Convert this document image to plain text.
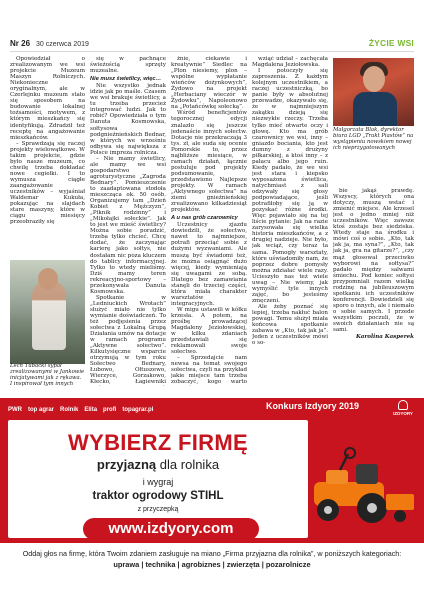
Nr 26 30 czerwca 2019	ŻYCIE WSI

Opowiedział o zrealizowanym we wsi projekcie Muzeum Maszyn Rolniczych. Niekonieczne oryginalnym, ale w Czerlejnku muzeum stało się sposobem na budowanie lokalnej tożsamości, motywem, z którym mieszkańcy się identyfikują. Zdradził też receptę na angażowanie mieszkańców.

– Sprawdzają się raczej projekty wielowątkowe. W takim projekcie, gdzie było nasze muzeum, co chwilę trzeba dokładać nowe cegiełki. I to wymusza ciągłe zaangażowanie uczestników – wyjaśniał Waldemar Kukuła, pokazując na slajdach stare maszyny, które w ciągu miesięcy przeobraziły się

się w pachnące świeżością sprzęty muzealne.

Nie musz świetlicy, więc…

Nie wszystko jednak idzie jak po maśle. Czasem we wsi brakuje świetlicy, a tu trzeba przecież integrować ludzi. Jak to robić? Opowiedziała o tym Danuta Kosmowska, sołtysowa podgnieźnieńskich Bednar, w których we wrześniu odbywa się największa z Polsce impreza rolnicza.

– Nie mamy świetlicy, ale mamy we wsi gospodarstwo agroturystyczne „Zagroda Bednary”. Pomieszczenie to zaadaptowana stodoła mieszcząca ok. 50 osób. Organizujemy tam „Dzień Kobiet z Męźczyzn”, „Piknik rodzinny” i „Mikołajki sołeckie”. Jak to jest we mieść świetlicy? Można sobie poradzić, trzeba tylko chcieć. Chcę dodać, że zaczynając karierę jako sołtys, nie dostałam nic poza kluczem do tablicy informacyjnej. Tylko to wtedy mieliśmy. Dziś mamy teren rekreacyjno-sportowy – przekonywała Danuta Kosmowska.

Spotkanie w „Ledniuckich Wrotach” służyć miało nie tylko wymianie doświadczeń. To też podjęsienia przez sołectwa z Lokalną Grupą Działania umów na dotacje w ramach programu „Aktywne sołectwo”. Kilkutysięczne wsparcie otrzymują w tym roku Sołectwo Bednary, Łubowo, Ołtuszewo, Wierzyce, Gorzakowo, Kłecko, Łagiewniki

żnie, ciekawie i kreatywnie” Siedlec na „Plon niesiemy, plon – wspólne wypłatanie wieńców dożynkowych”, Żydowo na projekt „Herbaciany wieczór w Żydowku”, Napoleonowo na „Potańcówkę sołecką”.

Wśród beneficjentów tegorocznej edycji znalazło się jeszcze jedenaście innych sołectw. Dotacje nie przekraczają 3 tys. zł, ale suda się ocenie Pomorskie to, przez najbliższe miesiące, w ramach działań, łącznie postuluje pod projekty podsumowanie, przedstawiono Najlepsze projekty. W ramach „Aktywnego sołectwa” na ziemi gnieźnieńskiej zrealizowano kilkadziesiąt projektów.

A u nas grób czarownicy

Uczestnicy zjazdu dowiedzili, że sołectwo, nawet to najmniejsze, potrafi przeciąć sobie z dużymi wyzwaniami. Ale muszą być świadomi też, że można osiągnąć dużo więcej, kiedy wymieniają się uwagami ze sobą. Dlatego bez zamawiania stanęli do trzeciej części, która miała charakter warsztatów integracyjnych.

W migu ustawili w kółku krzesła. A potem, na prośbę prowadzącej Magdaleny Jeziołowskiej, w kilku zdaniach przedstawiali się reklamowali swoje sołectwo.

– Sprzedajcie nam newsa na temat swojego sołectwa, czyli na przykład jakie miejsce tam trzeba zobaczyć, kogo warto

wziąć udział – zachęcała Magdalena Jeziołowska.

I potoczyły się zaproszenia. Z każdym kolejnym uczestnikiem, a raczej uczestniczką, bo panie były w absolutnej przewadze, okazywało się, że w najmniejszym zakątku dzieją się niezwykłe rzeczy. Trzeba tylko mieć otwarte oczy i głowę. Kto ma grób czarownicy we wsi, inny – gniazdo bociania, kto jest dumny z drużyny piłkarskiej, a ktoś inny – z pałacu albo jego ruin. Kiedy padało, że we wsi jest stara i kiepsko wyposażona świetlica, natychmiast z sali odzywały się głosy podpowiadające, jeśli potrafiłoby się ją w pozyskać różne środki. Więc pojawiało się na tej liście pytanie: Jak na razie zarysowała się wielka historia mieszkańców, a z drugiej nadzieje. Nie było, jak wciąż, czy teraz ta sama. Pomogły warsztaty, które uświadomiły nam, że poprzez dobre pomysły można zdziałać wiele razy. Ucieszyło nas też wiele uwag – Nie wiemy, jak wymyślić tyle innych zajęć, bo jesteśmy zmęczeni.

Ale żeby poznać się lepiej, trzeba nakłuć balon powagi. Temu służył miała końcowa spotkanie zabawa w „Kto, tak jak ja”. Jeden z uczestników mówi o so-

bie jakąś prawdę. Wszyscy, których ona dotyczy, muszą wstać i zmienić miejsce. Ale krzesel jest o jedno mniej niż uczestników. Więc zawsze ktoś zostaje bez siedziska. Wtedy staje na środku i mówi coś o sobie. „Kto, tak jak ja, ma syna?”, „Kto, tak jak ja, gra na gitarze?”, „czy mąż głosował przeciwko wyborowi na sołtysa?” padało między salwami śmiechu. Pod koniec sołtysi przypomniali razem wielką rodzinę na jubileuszowym spotkaniu ich uczestników konferencji. Dowiedzieli się sporo o innych, ale i niemało o sobie samych. I przede wszystkim poczuli, że w swoich działaniach nie są sami.

Karolina Kasperek

Lech Tubacki sypał zrealizowanymi w Jankowie inicjatywami jak z rękawa. I inspirował tym innych
Małgorzata Blak, dyrektor biura LGD „Trakt Piastów” na wystąpieniu nowskiem nowej ich nieprzygotowanych
PWR top agrar Rolnik Elita profi topagrar.pl	Konkurs Izdyory 2019
IZDYORY
WYBIERZ FIRMĘ
przyjazną dla rolnika
i wygraj
traktor ogrodowy STIHL
z przyczepką
www.izdyory.com
Oddaj głos na firmę, która Twoim zdaniem zasługuje na miano „Firma przyjazna dla rolnika”, w poniższych kategoriach:
uprawa | technika | agrobiznes | zwierzęta | pozarolnicze
